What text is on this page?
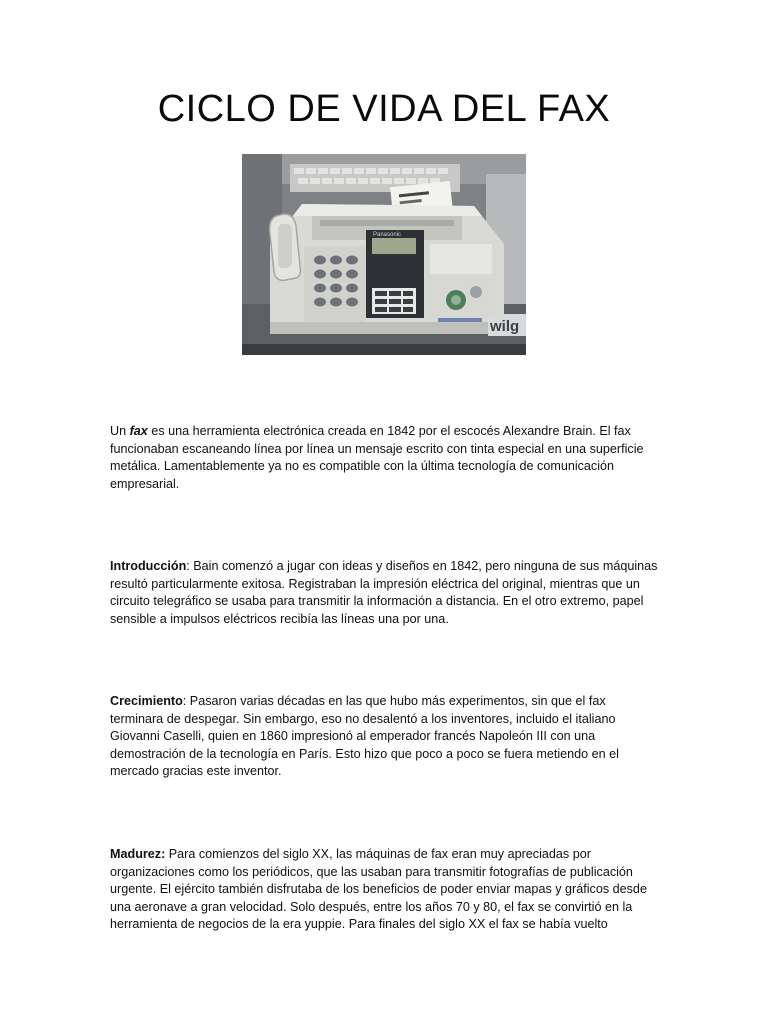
CICLO DE VIDA DEL FAX
Panasonic
wilg

Un fax es una herramienta electrónica creada en 1842 por el escocés Alexandre Brain. El fax funcionaban escaneando línea por línea un mensaje escrito con tinta especial en una superficie metálica. Lamentablemente ya no es compatible con la última tecnología de comunicación empresarial.

Introducción: Bain comenzó a jugar con ideas y diseños en 1842, pero ninguna de sus máquinas resultó particularmente exitosa. Registraban la impresión eléctrica del original, mientras que un circuito telegráfico se usaba para transmitir la información a distancia. En el otro extremo, papel sensible a impulsos eléctricos recibía las líneas una por una.

Crecimiento: Pasaron varias décadas en las que hubo más experimentos, sin que el fax terminara de despegar. Sin embargo, eso no desalentó a los inventores, incluido el italiano Giovanni Caselli, quien en 1860 impresionó al emperador francés Napoleón III con una demostración de la tecnología en París. Esto hizo que poco a poco se fuera metiendo en el mercado gracias este inventor.

Madurez: Para comienzos del siglo XX, las máquinas de fax eran muy apreciadas por organizaciones como los periódicos, que las usaban para transmitir fotografías de publicación urgente. El ejército también disfrutaba de los beneficios de poder enviar mapas y gráficos desde una aeronave a gran velocidad. Solo después, entre los años 70 y 80, el fax se convirtió en la herramienta de negocios de la era yuppie. Para finales del siglo XX el fax se había vuelto
